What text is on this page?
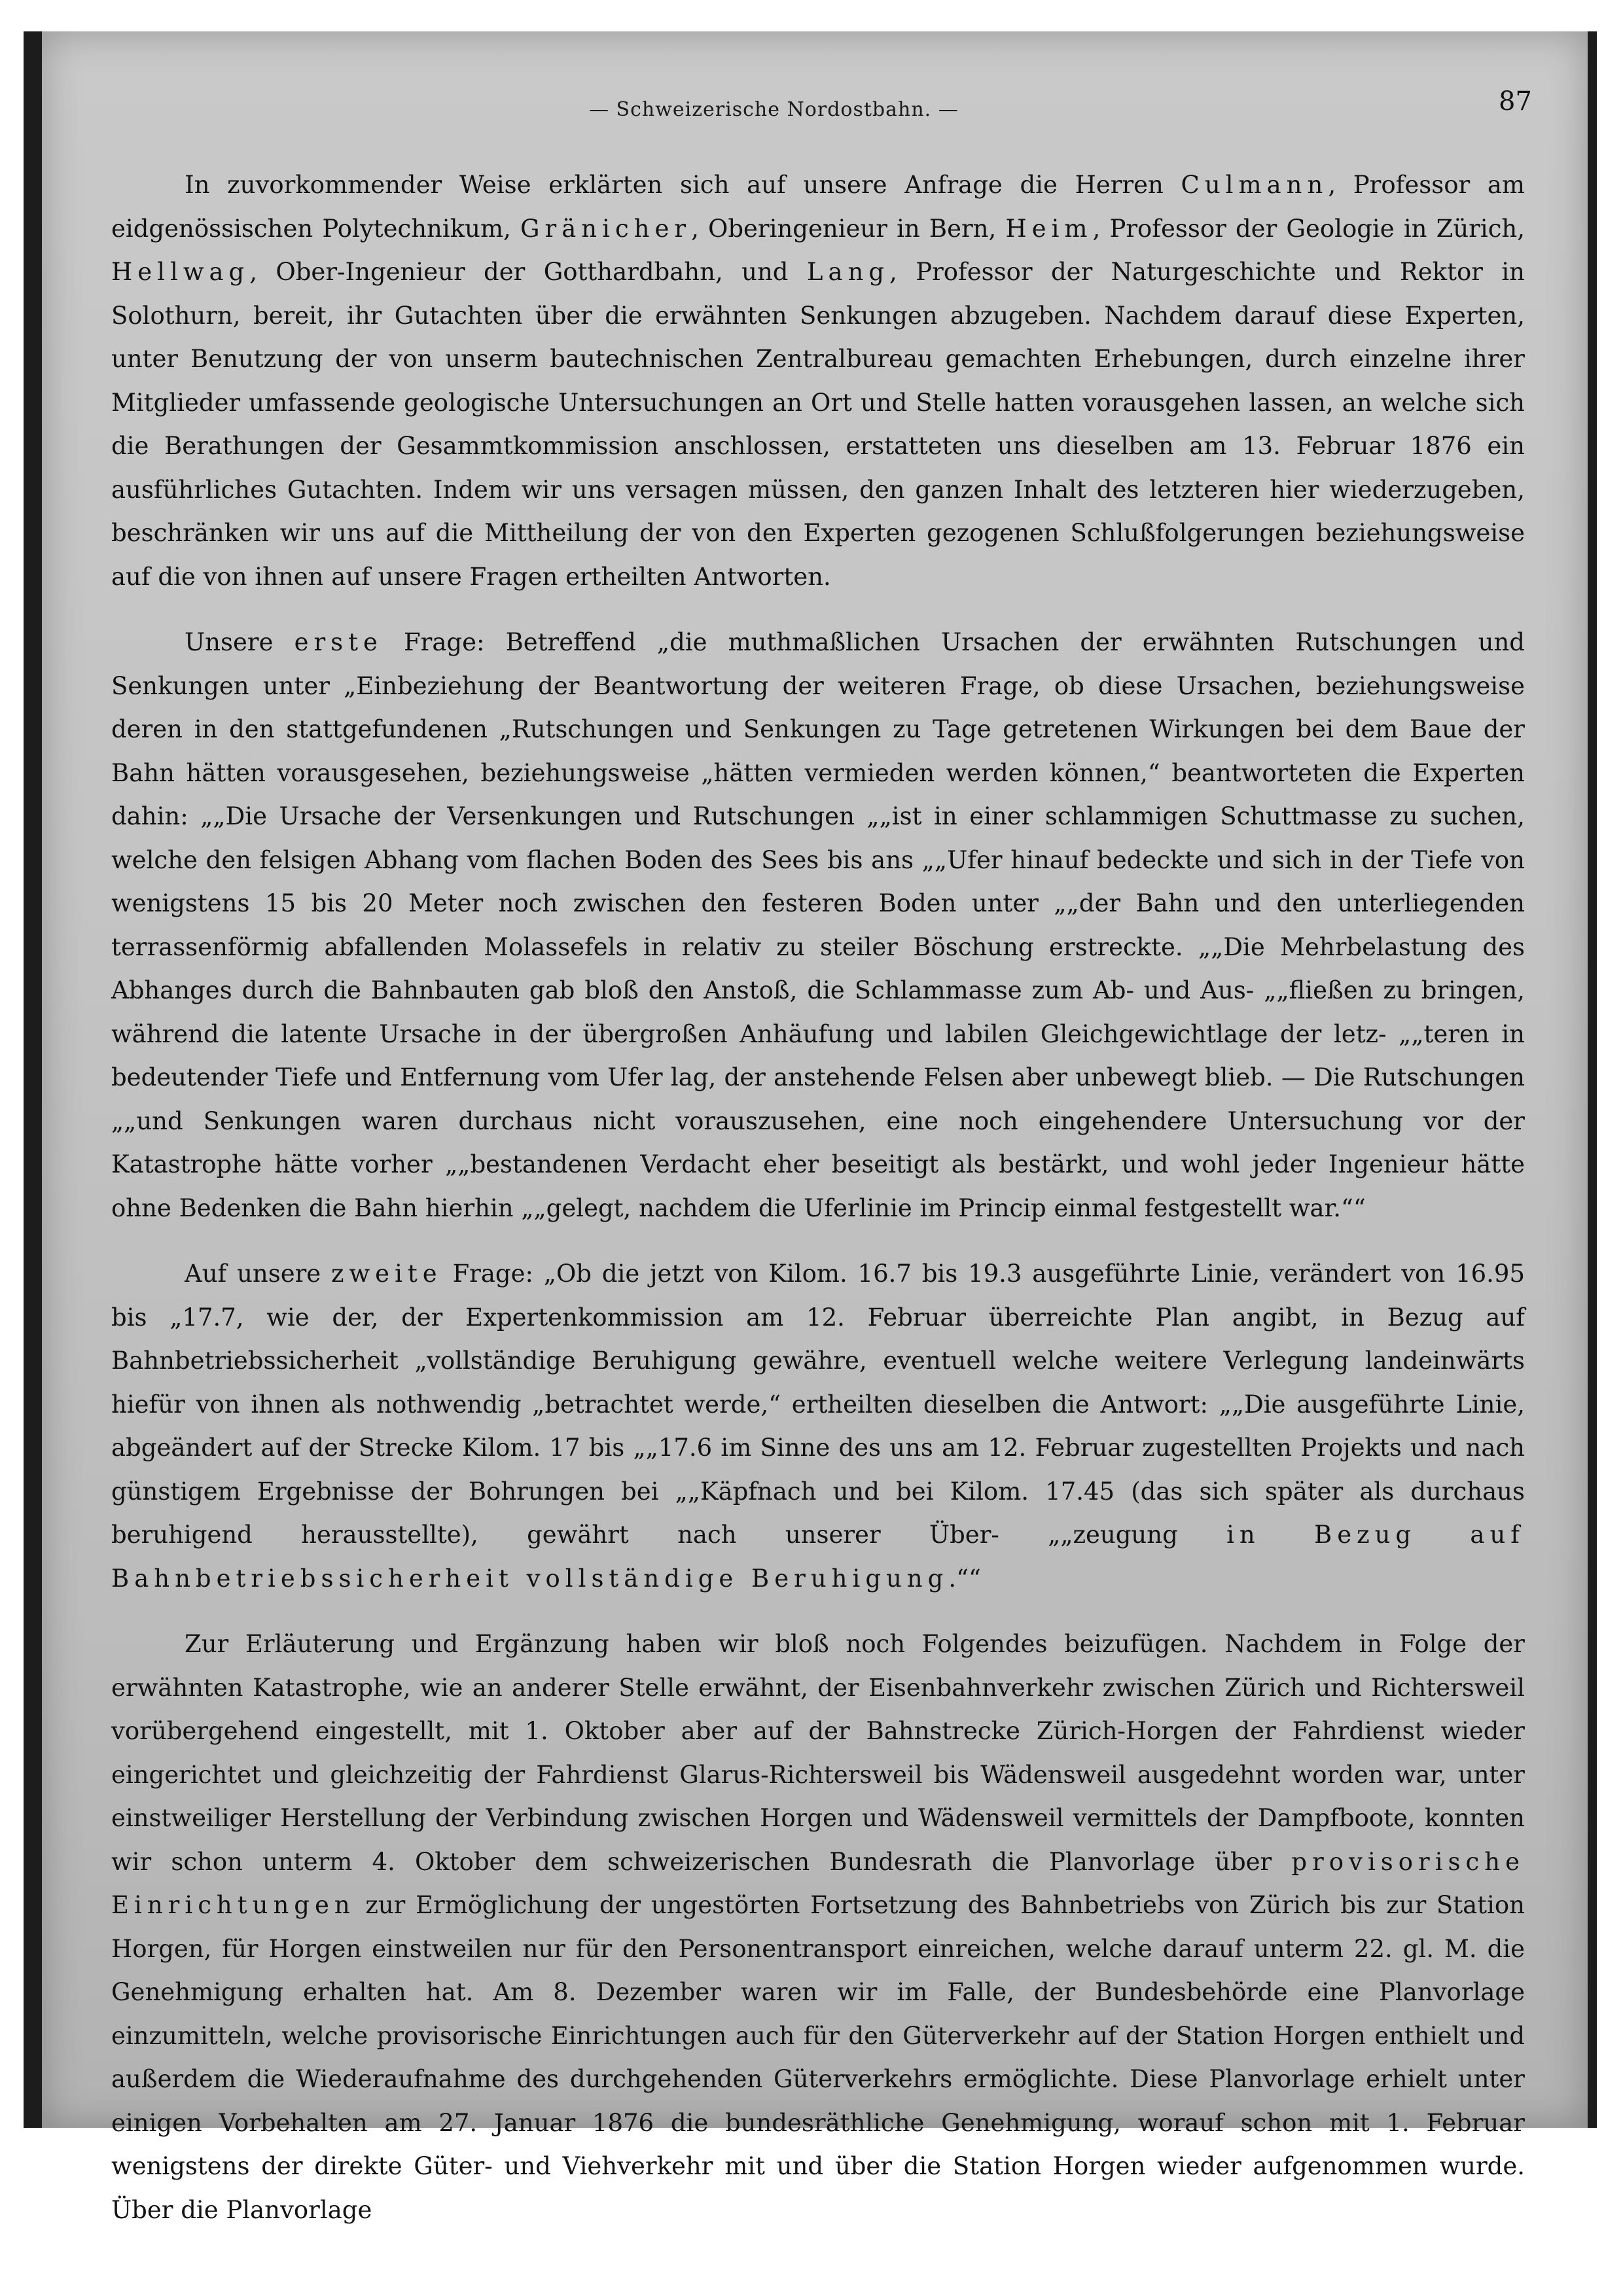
— Schweizerische Nordostbahn. —	87

In zuvorkommender Weise erklärten sich auf unsere Anfrage die Herren Culmann, Professor am eidgenössischen Polytechnikum, Gränicher, Oberingenieur in Bern, Heim, Professor der Geologie in Zürich, Hellwag, Ober-Ingenieur der Gotthardbahn, und Lang, Professor der Naturgeschichte und Rektor in Solothurn, bereit, ihr Gutachten über die erwähnten Senkungen abzugeben. Nachdem darauf diese Experten, unter Benutzung der von unserm bautechnischen Zentralbureau gemachten Erhebungen, durch einzelne ihrer Mitglieder umfassende geologische Untersuchungen an Ort und Stelle hatten vorausgehen lassen, an welche sich die Berathungen der Gesammtkommission anschlossen, erstatteten uns dieselben am 13. Februar 1876 ein ausführliches Gutachten. Indem wir uns versagen müssen, den ganzen Inhalt des letzteren hier wiederzugeben, beschränken wir uns auf die Mittheilung der von den Experten gezogenen Schlußfolgerungen beziehungsweise auf die von ihnen auf unsere Fragen ertheilten Antworten.

Unsere erste Frage: Betreffend „die muthmaßlichen Ursachen der erwähnten Rutschungen und Senkungen unter „Einbeziehung der Beantwortung der weiteren Frage, ob diese Ursachen, beziehungsweise deren in den stattgefundenen „Rutschungen und Senkungen zu Tage getretenen Wirkungen bei dem Baue der Bahn hätten vorausgesehen, beziehungsweise „hätten vermieden werden können,“ beantworteten die Experten dahin: „„Die Ursache der Versenkungen und Rutschungen „„ist in einer schlammigen Schuttmasse zu suchen, welche den felsigen Abhang vom flachen Boden des Sees bis ans „„Ufer hinauf bedeckte und sich in der Tiefe von wenigstens 15 bis 20 Meter noch zwischen den festeren Boden unter „„der Bahn und den unterliegenden terrassenförmig abfallenden Molassefels in relativ zu steiler Böschung erstreckte. „„Die Mehrbelastung des Abhanges durch die Bahnbauten gab bloß den Anstoß, die Schlammasse zum Ab- und Aus- „„fließen zu bringen, während die latente Ursache in der übergroßen Anhäufung und labilen Gleichgewichtlage der letz- „„teren in bedeutender Tiefe und Entfernung vom Ufer lag, der anstehende Felsen aber unbewegt blieb. — Die Rutschungen „„und Senkungen waren durchaus nicht vorauszusehen, eine noch eingehendere Untersuchung vor der Katastrophe hätte vorher „„bestandenen Verdacht eher beseitigt als bestärkt, und wohl jeder Ingenieur hätte ohne Bedenken die Bahn hierhin „„gelegt, nachdem die Uferlinie im Princip einmal festgestellt war.““

Auf unsere zweite Frage: „Ob die jetzt von Kilom. 16.7 bis 19.3 ausgeführte Linie, verändert von 16.95 bis „17.7, wie der, der Expertenkommission am 12. Februar überreichte Plan angibt, in Bezug auf Bahnbetriebssicherheit „vollständige Beruhigung gewähre, eventuell welche weitere Verlegung landeinwärts hiefür von ihnen als nothwendig „betrachtet werde,“ ertheilten dieselben die Antwort: „„Die ausgeführte Linie, abgeändert auf der Strecke Kilom. 17 bis „„17.6 im Sinne des uns am 12. Februar zugestellten Projekts und nach günstigem Ergebnisse der Bohrungen bei „„Käpfnach und bei Kilom. 17.45 (das sich später als durchaus beruhigend herausstellte), gewährt nach unserer Über- „„zeugung in Bezug auf Bahnbetriebssicherheit vollständige Beruhigung.““

Zur Erläuterung und Ergänzung haben wir bloß noch Folgendes beizufügen. Nachdem in Folge der erwähnten Katastrophe, wie an anderer Stelle erwähnt, der Eisenbahnverkehr zwischen Zürich und Richtersweil vorübergehend eingestellt, mit 1. Oktober aber auf der Bahnstrecke Zürich-Horgen der Fahrdienst wieder eingerichtet und gleichzeitig der Fahrdienst Glarus-Richtersweil bis Wädensweil ausgedehnt worden war, unter einstweiliger Herstellung der Verbindung zwischen Horgen und Wädensweil vermittels der Dampfboote, konnten wir schon unterm 4. Oktober dem schweizerischen Bundesrath die Planvorlage über provisorische Einrichtungen zur Ermöglichung der ungestörten Fortsetzung des Bahnbetriebs von Zürich bis zur Station Horgen, für Horgen einstweilen nur für den Personentransport einreichen, welche darauf unterm 22. gl. M. die Genehmigung erhalten hat. Am 8. Dezember waren wir im Falle, der Bundesbehörde eine Planvorlage einzumitteln, welche provisorische Einrichtungen auch für den Güterverkehr auf der Station Horgen enthielt und außerdem die Wiederaufnahme des durchgehenden Güterverkehrs ermöglichte. Diese Planvorlage erhielt unter einigen Vorbehalten am 27. Januar 1876 die bundesräthliche Genehmigung, worauf schon mit 1. Februar wenigstens der direkte Güter- und Viehverkehr mit und über die Station Horgen wieder aufgenommen wurde. Über die Planvorlage
